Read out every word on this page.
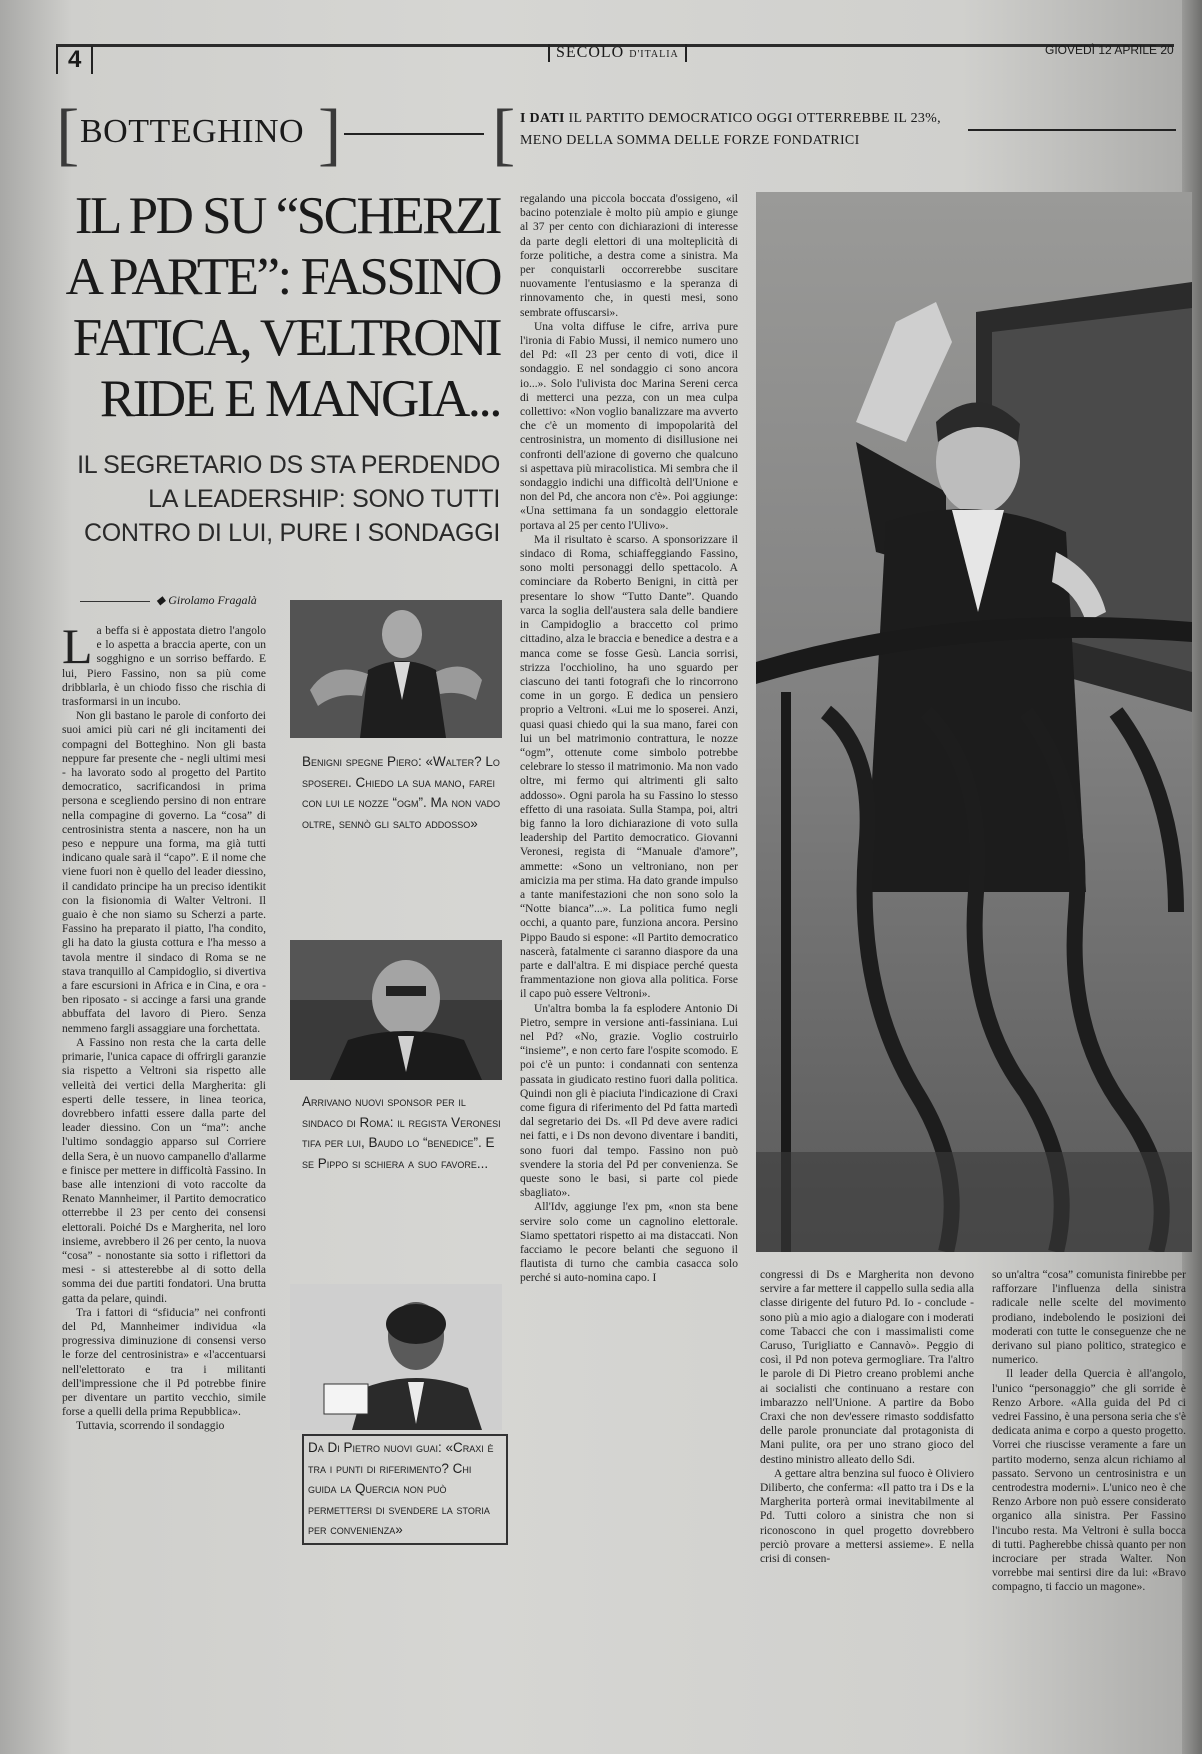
4	SECOLO D'ITALIA	GIOVEDÌ 12 APRILE 20
[ BOTTEGHINO ] [ I DATI IL PARTITO DEMOCRATICO OGGI OTTERREBBE IL 23%, MENO DELLA SOMMA DELLE FORZE FONDATRICI
IL PD SU “SCHERZI
A PARTE”: FASSINO
FATICA, VELTRONI
RIDE E MANGIA...
IL SEGRETARIO DS STA PERDENDO
LA LEADERSHIP: SONO TUTTI
CONTRO DI LUI, PURE I SONDAGGI
◆ Girolamo Fragalà

La beffa si è appostata dietro l'angolo e lo aspetta a braccia aperte, con un sogghigno e un sorriso beffardo. E lui, Piero Fassino, non sa più come dribblarla, è un chiodo fisso che rischia di trasformarsi in un incubo.

Non gli bastano le parole di conforto dei suoi amici più cari né gli incitamenti dei compagni del Botteghino. Non gli basta neppure far presente che - negli ultimi mesi - ha lavorato sodo al progetto del Partito democratico, sacrificandosi in prima persona e scegliendo persino di non entrare nella compagine di governo. La “cosa” di centrosinistra stenta a nascere, non ha un peso e neppure una forma, ma già tutti indicano quale sarà il “capo”. E il nome che viene fuori non è quello del leader diessino, il candidato principe ha un preciso identikit con la fisionomia di Walter Veltroni. Il guaio è che non siamo su Scherzi a parte. Fassino ha preparato il piatto, l'ha condito, gli ha dato la giusta cottura e l'ha messo a tavola mentre il sindaco di Roma se ne stava tranquillo al Campidoglio, si divertiva a fare escursioni in Africa e in Cina, e ora - ben riposato - si accinge a farsi una grande abbuffata del lavoro di Piero. Senza nemmeno fargli assaggiare una forchettata.

A Fassino non resta che la carta delle primarie, l'unica capace di offrirgli garanzie sia rispetto a Veltroni sia rispetto alle velleità dei vertici della Margherita: gli esperti delle tessere, in linea teorica, dovrebbero infatti essere dalla parte del leader diessino. Con un “ma”: anche l'ultimo sondaggio apparso sul Corriere della Sera, è un nuovo campanello d'allarme e finisce per mettere in difficoltà Fassino. In base alle intenzioni di voto raccolte da Renato Mannheimer, il Partito democratico otterrebbe il 23 per cento dei consensi elettorali. Poiché Ds e Margherita, nel loro insieme, avrebbero il 26 per cento, la nuova “cosa” - nonostante sia sotto i riflettori da mesi - si attesterebbe al di sotto della somma dei due partiti fondatori. Una brutta gatta da pelare, quindi.

Tra i fattori di “sfiducia” nei confronti del Pd, Mannheimer individua «la progressiva diminuzione di consensi verso le forze del centrosinistra» e «l'accentuarsi nell'elettorato e tra i militanti dell'impressione che il Pd potrebbe finire per diventare un partito vecchio, simile forse a quelli della prima Repubblica».

Tuttavia, scorrendo il sondaggio

Benigni spegne Piero: «Walter? Lo sposerei. Chiedo la sua mano, farei con lui le nozze “ogm”. Ma non vado oltre, sennò gli salto addosso»
Arrivano nuovi sponsor per il sindaco di Roma: il regista Veronesi tifa per lui, Baudo lo “benedice”. E se Pippo si schiera a suo favore...
Da Di Pietro nuovi guai: «Craxi è tra i punti di riferimento? Chi guida la Quercia non può permettersi di svendere la storia per convenienza»

regalando una piccola boccata d'ossigeno, «il bacino potenziale è molto più ampio e giunge al 37 per cento con dichiarazioni di interesse da parte degli elettori di una molteplicità di forze politiche, a destra come a sinistra. Ma per conquistarli occorrerebbe suscitare nuovamente l'entusiasmo e la speranza di rinnovamento che, in questi mesi, sono sembrate offuscarsi».

Una volta diffuse le cifre, arriva pure l'ironia di Fabio Mussi, il nemico numero uno del Pd: «Il 23 per cento di voti, dice il sondaggio. E nel sondaggio ci sono ancora io...». Solo l'ulivista doc Marina Sereni cerca di metterci una pezza, con un mea culpa collettivo: «Non voglio banalizzare ma avverto che c'è un momento di impopolarità del centrosinistra, un momento di disillusione nei confronti dell'azione di governo che qualcuno si aspettava più miracolistica. Mi sembra che il sondaggio indichi una difficoltà dell'Unione e non del Pd, che ancora non c'è». Poi aggiunge: «Una settimana fa un sondaggio elettorale portava al 25 per cento l'Ulivo».

Ma il risultato è scarso. A sponsorizzare il sindaco di Roma, schiaffeggiando Fassino, sono molti personaggi dello spettacolo. A cominciare da Roberto Benigni, in città per presentare lo show “Tutto Dante”. Quando varca la soglia dell'austera sala delle bandiere in Campidoglio a braccetto col primo cittadino, alza le braccia e benedice a destra e a manca come se fosse Gesù. Lancia sorrisi, strizza l'occhiolino, ha uno sguardo per ciascuno dei tanti fotografi che lo rincorrono come in un gorgo. E dedica un pensiero proprio a Veltroni. «Lui me lo sposerei. Anzi, quasi quasi chiedo qui la sua mano, farei con lui un bel matrimonio contrattura, le nozze “ogm”, ottenute come simbolo potrebbe celebrare lo stesso il matrimonio. Ma non vado oltre, mi fermo qui altrimenti gli salto addosso». Ogni parola ha su Fassino lo stesso effetto di una rasoiata. Sulla Stampa, poi, altri big fanno la loro dichiarazione di voto sulla leadership del Partito democratico. Giovanni Veronesi, regista di “Manuale d'amore”, ammette: «Sono un veltroniano, non per amicizia ma per stima. Ha dato grande impulso a tante manifestazioni che non sono solo la “Notte bianca”...». La politica fumo negli occhi, a quanto pare, funziona ancora. Persino Pippo Baudo si espone: «Il Partito democratico nascerà, fatalmente ci saranno diaspore da una parte e dall'altra. E mi dispiace perché questa frammentazione non giova alla politica. Forse il capo può essere Veltroni».

Un'altra bomba la fa esplodere Antonio Di Pietro, sempre in versione anti-fassiniana. Lui nel Pd? «No, grazie. Voglio costruirlo “insieme”, e non certo fare l'ospite scomodo. E poi c'è un punto: i condannati con sentenza passata in giudicato restino fuori dalla politica. Quindi non gli è piaciuta l'indicazione di Craxi come figura di riferimento del Pd fatta martedì dal segretario dei Ds. «Il Pd deve avere radici nei fatti, e i Ds non devono diventare i banditi, sono fuori dal tempo. Fassino non può svendere la storia del Pd per convenienza. Se queste sono le basi, si parte col piede sbagliato».

All'Idv, aggiunge l'ex pm, «non sta bene servire solo come un cagnolino elettorale. Siamo spettatori rispetto ai ma distaccati. Non facciamo le pecore belanti che seguono il flautista di turno che cambia casacca solo perché si auto-nomina capo. I	congressi di Ds e Margherita non devono servire a far mettere il cappello sulla sedia alla classe dirigente del futuro Pd. Io - conclude - sono più a mio agio a dialogare con i moderati come Tabacci che con i massimalisti come Caruso, Turigliatto e Cannavò». Peggio di così, il Pd non poteva germogliare. Tra l'altro le parole di Di Pietro creano problemi anche ai socialisti che continuano a restare con imbarazzo nell'Unione. A partire da Bobo Craxi che non dev'essere rimasto soddisfatto delle parole pronunciate dal protagonista di Mani pulite, ora per uno strano gioco del destino ministro alleato dello Sdi.

A gettare altra benzina sul fuoco è Oliviero Diliberto, che conferma: «Il patto tra i Ds e la Margherita porterà ormai inevitabilmente al Pd. Tutti coloro a sinistra che non si riconoscono in quel progetto dovrebbero perciò provare a mettersi assieme». E nella crisi di consen-

so un'altra “cosa” comunista finirebbe per rafforzare l'influenza della sinistra radicale nelle scelte del movimento prodiano, indebolendo le posizioni dei moderati con tutte le conseguenze che ne derivano sul piano politico, strategico e numerico.

Il leader della Quercia è all'angolo, l'unico “personaggio” che gli sorride è Renzo Arbore. «Alla guida del Pd ci vedrei Fassino, è una persona seria che s'è dedicata anima e corpo a questo progetto. Vorrei che riuscisse veramente a fare un partito moderno, senza alcun richiamo al passato. Servono un centrosinistra e un centrodestra moderni». L'unico neo è che Renzo Arbore non può essere considerato organico alla sinistra. Per Fassino l'incubo resta. Ma Veltroni è sulla bocca di tutti. Pagherebbe chissà quanto per non incrociare per strada Walter. Non vorrebbe mai sentirsi dire da lui: «Bravo compagno, ti faccio un magone».
